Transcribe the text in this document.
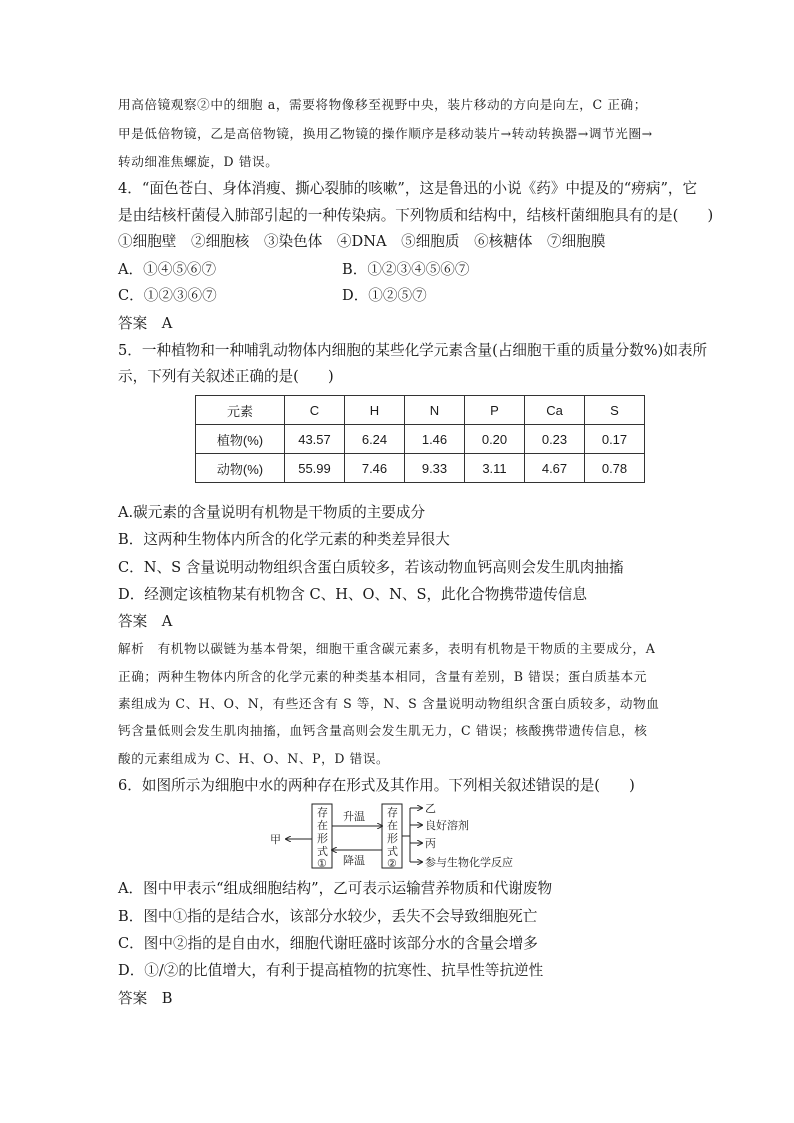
用高倍镜观察②中的细胞 a，需要将物像移至视野中央，装片移动的方向是向左，C 正确；
甲是低倍物镜，乙是高倍物镜，换用乙物镜的操作顺序是移动装片→转动转换器→调节光圈→
转动细准焦螺旋，D 错误。
4．“面色苍白、身体消瘦、撕心裂肺的咳嗽”，这是鲁迅的小说《药》中提及的“痨病”，它
是由结核杆菌侵入肺部引起的一种传染病。下列物质和结构中，结核杆菌细胞具有的是(　　)
①细胞壁　②细胞核　③染色体　④DNA　⑤细胞质　⑥核糖体　⑦细胞膜
A．①④⑤⑥⑦	B．①②③④⑤⑥⑦
C．①②③⑥⑦	D．①②⑤⑦
答案　A
5．一种植物和一种哺乳动物体内细胞的某些化学元素含量(占细胞干重的质量分数%)如表所
示，下列有关叙述正确的是(　　)
元素	C	H	N	P	Ca	S
植物(%)	43.57	6.24	1.46	0.20	0.23	0.17
动物(%)	55.99	7.46	9.33	3.11	4.67	0.78
A.碳元素的含量说明有机物是干物质的主要成分
B．这两种生物体内所含的化学元素的种类差异很大
C．N、S 含量说明动物组织含蛋白质较多，若该动物血钙高则会发生肌肉抽搐
D．经测定该植物某有机物含 C、H、O、N、S，此化合物携带遗传信息
答案　A
解析　有机物以碳链为基本骨架，细胞干重含碳元素多，表明有机物是干物质的主要成分，A
正确；两种生物体内所含的化学元素的种类基本相同，含量有差别，B 错误；蛋白质基本元
素组成为 C、H、O、N，有些还含有 S 等，N、S 含量说明动物组织含蛋白质较多，动物血
钙含量低则会发生肌肉抽搐，血钙含量高则会发生肌无力，C 错误；核酸携带遗传信息，核
酸的元素组成为 C、H、O、N、P，D 错误。
6．如图所示为细胞中水的两种存在形式及其作用。下列相关叙述错误的是(　　)
甲
存
在
形
式
①
升温
降温
存
在
形
式
②
乙
良好溶剂
丙
参与生物化学反应
A．图中甲表示“组成细胞结构”，乙可表示运输营养物质和代谢废物
B．图中①指的是结合水，该部分水较少，丢失不会导致细胞死亡
C．图中②指的是自由水，细胞代谢旺盛时该部分水的含量会增多
D．①/②的比值增大，有利于提高植物的抗寒性、抗旱性等抗逆性
答案　B
